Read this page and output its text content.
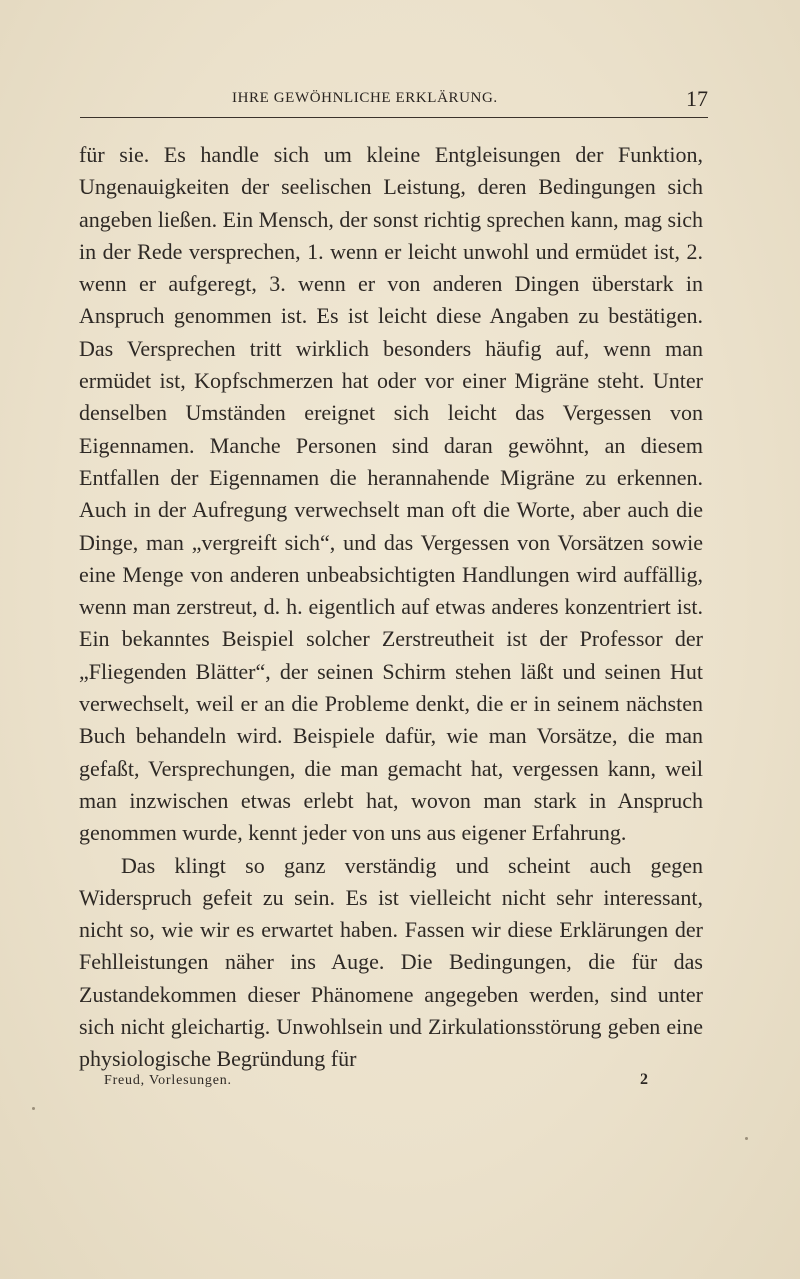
IHRE GEWÖHNLICHE ERKLÄRUNG.	17

für sie. Es handle sich um kleine Entgleisungen der Funktion, Ungenauigkeiten der seelischen Leistung, deren Bedingungen sich angeben ließen. Ein Mensch, der sonst richtig sprechen kann, mag sich in der Rede versprechen, 1. wenn er leicht unwohl und ermüdet ist, 2. wenn er aufgeregt, 3. wenn er von anderen Dingen überstark in Anspruch genommen ist. Es ist leicht diese Angaben zu bestätigen. Das Versprechen tritt wirklich besonders häufig auf, wenn man ermüdet ist, Kopfschmerzen hat oder vor einer Migräne steht. Unter denselben Umständen ereignet sich leicht das Vergessen von Eigennamen. Manche Personen sind daran gewöhnt, an diesem Entfallen der Eigennamen die herannahende Migräne zu erkennen. Auch in der Aufregung verwechselt man oft die Worte, aber auch die Dinge, man „vergreift sich“, und das Vergessen von Vorsätzen sowie eine Menge von anderen unbeabsichtigten Handlungen wird auffällig, wenn man zerstreut, d. h. eigentlich auf etwas anderes konzentriert ist. Ein bekanntes Beispiel solcher Zerstreutheit ist der Professor der „Fliegenden Blätter“, der seinen Schirm stehen läßt und seinen Hut verwechselt, weil er an die Probleme denkt, die er in seinem nächsten Buch behandeln wird. Beispiele dafür, wie man Vorsätze, die man gefaßt, Versprechungen, die man gemacht hat, vergessen kann, weil man inzwischen etwas erlebt hat, wovon man stark in Anspruch genommen wurde, kennt jeder von uns aus eigener Erfahrung.

Das klingt so ganz verständig und scheint auch gegen Widerspruch gefeit zu sein. Es ist vielleicht nicht sehr interessant, nicht so, wie wir es erwartet haben. Fassen wir diese Erklärungen der Fehlleistungen näher ins Auge. Die Bedingungen, die für das Zustandekommen dieser Phänomene angegeben werden, sind unter sich nicht gleichartig. Unwohlsein und Zirkulationsstörung geben eine physiologische Begründung für

Freud, Vorlesungen.	2
